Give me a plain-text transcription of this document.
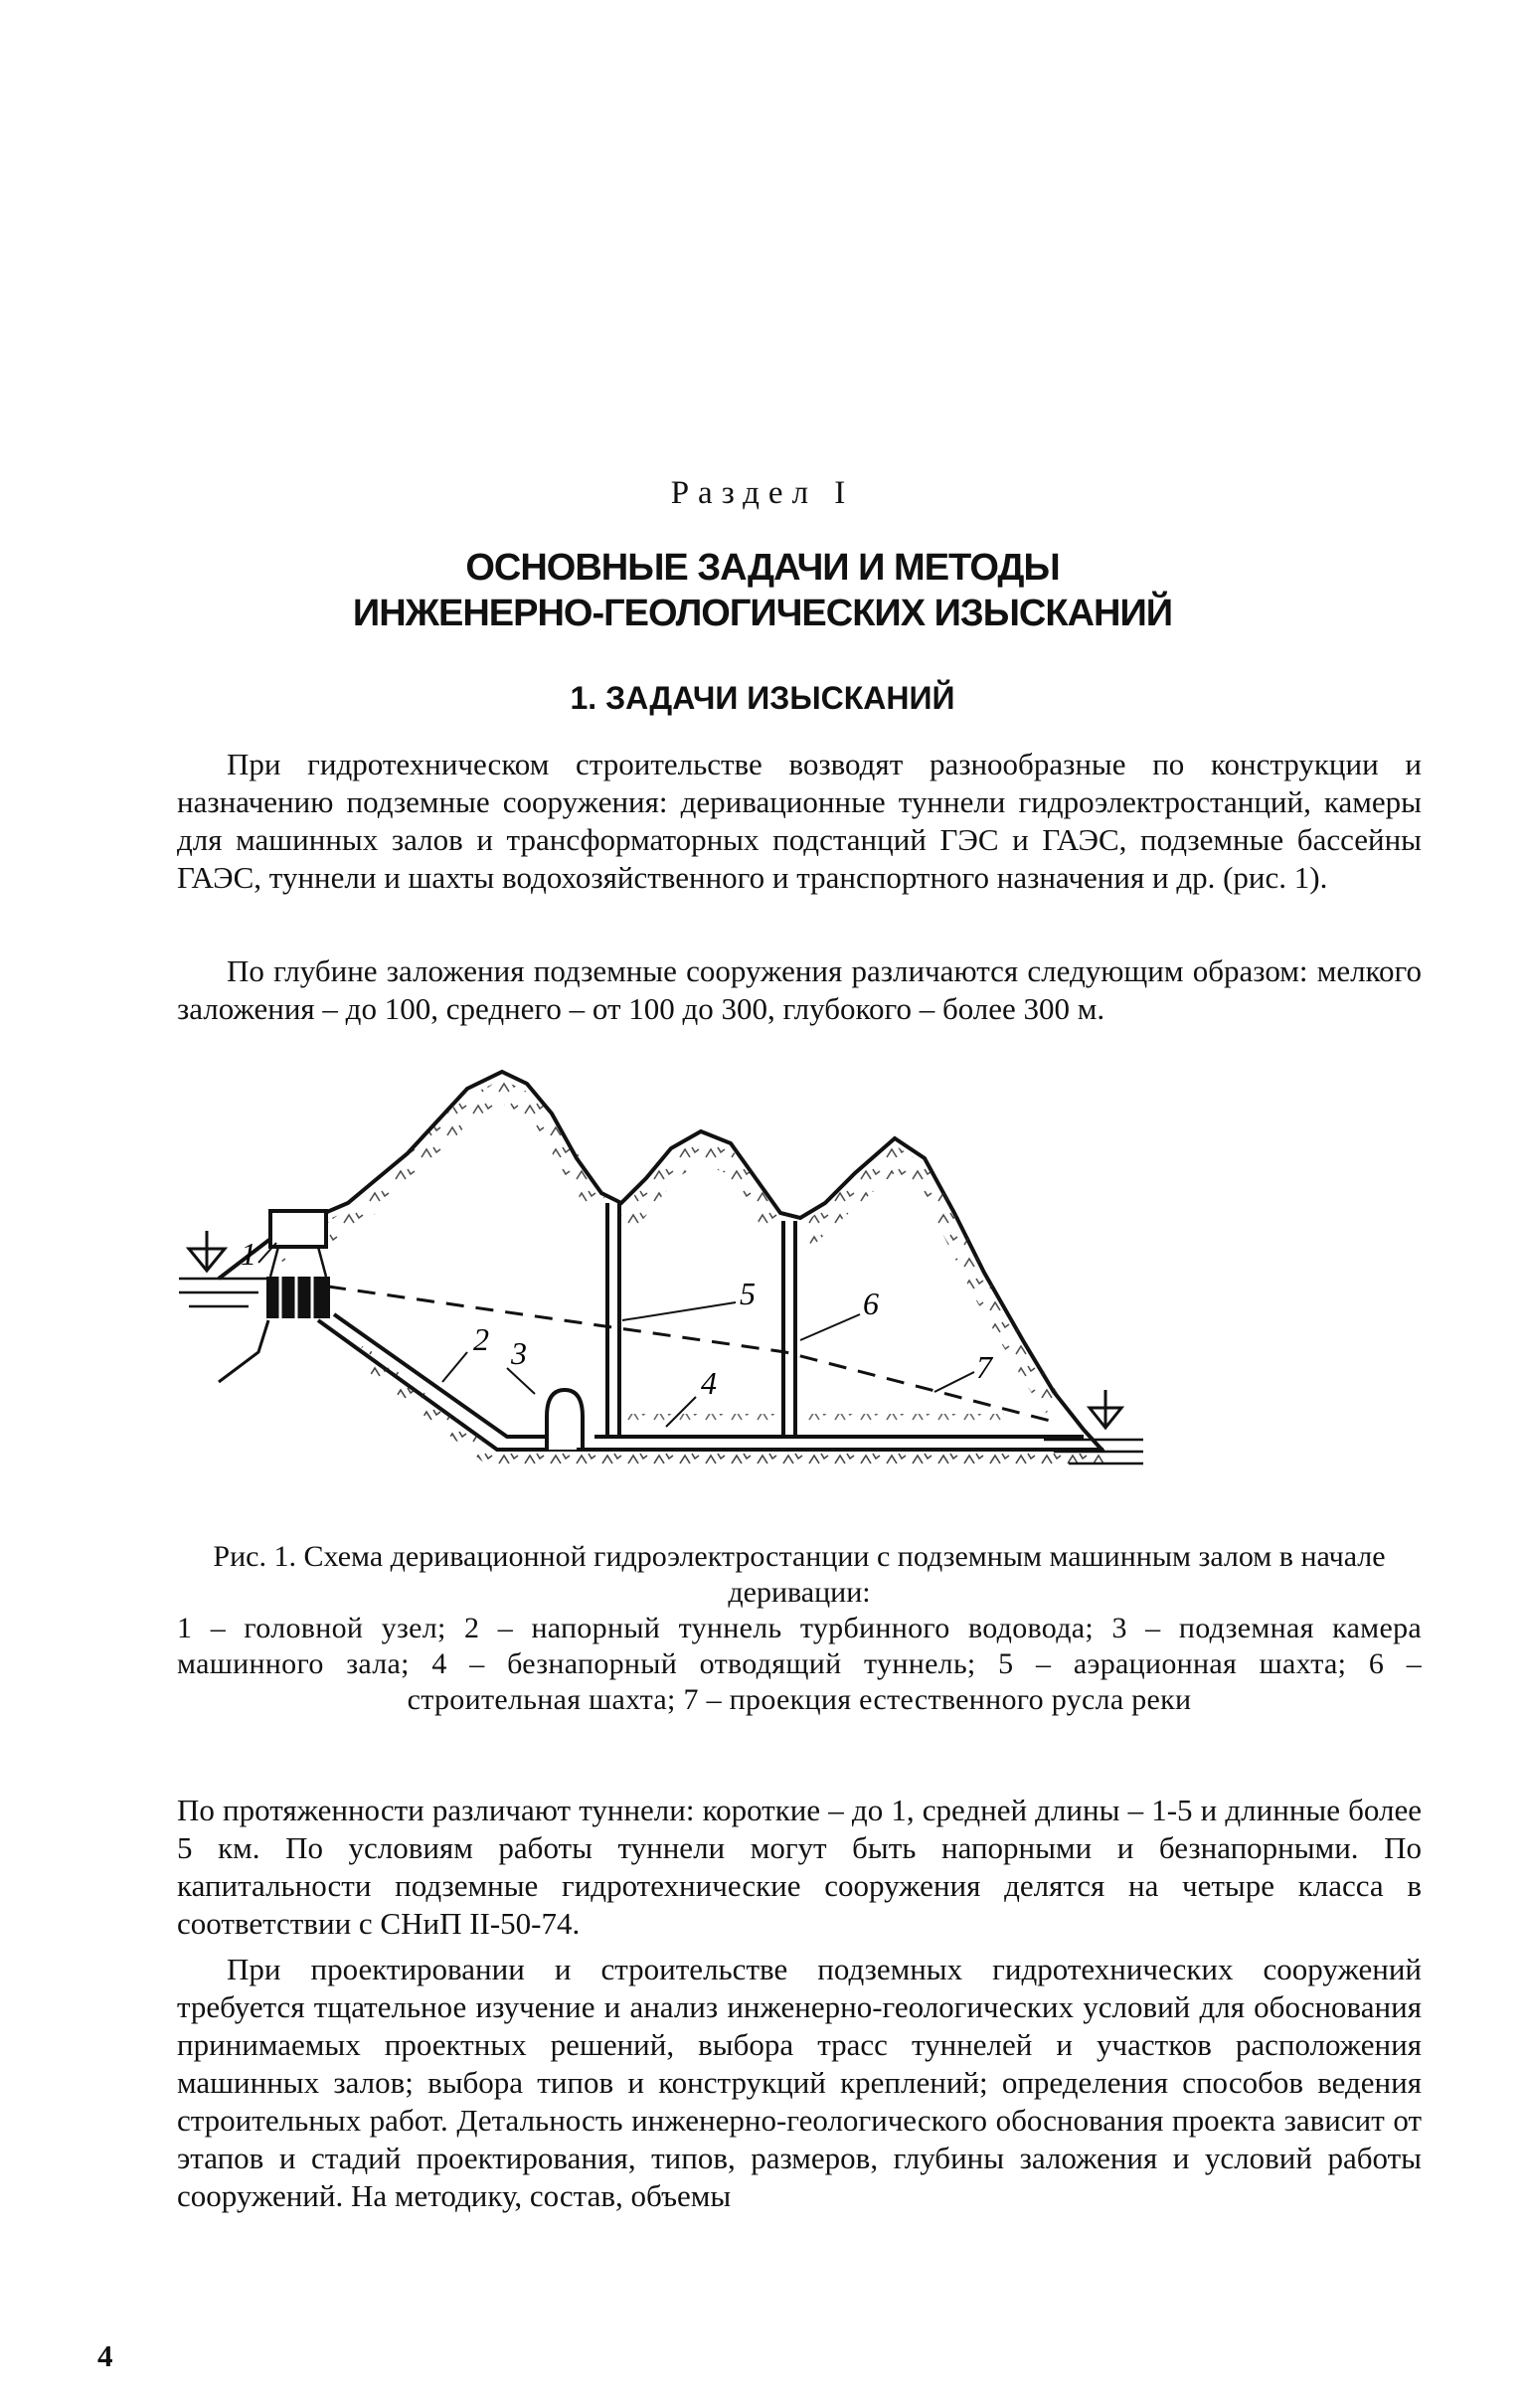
Раздел I
ОСНОВНЫЕ ЗАДАЧИ И МЕТОДЫ
ИНЖЕНЕРНО-ГЕОЛОГИЧЕСКИХ ИЗЫСКАНИЙ
1. ЗАДАЧИ ИЗЫСКАНИЙ

При гидротехническом строительстве возводят разнообразные по конструкции и назначению подземные сооружения: деривационные туннели гидроэлектростанций, камеры для машинных залов и трансформаторных подстанций ГЭС и ГАЭС, подземные бассейны ГАЭС, туннели и шахты водохозяйственного и транспортного назначения и др. (рис. 1).

По глубине заложения подземные сооружения различаются следующим образом: мелкого заложения – до 100, среднего – от 100 до 300, глубокого – более 300 м.

1
2 3
4
5	6
7
Рис. 1. Схема деривационной гидроэлектростанции с подземным машинным залом в начале деривации:
1 – головной узел; 2 – напорный туннель турбинного водовода; 3 – подземная камера машинного зала; 4 – безнапорный отводящий туннель; 5 – аэрационная шахта; 6 – строительная шахта; 7 – проекция естественного русла реки

По протяженности различают туннели: короткие – до 1, средней длины – 1-5 и длинные более 5 км. По условиям работы туннели могут быть напорными и безнапорными. По капитальности подземные гидротехнические сооружения делятся на четыре класса в соответствии с СНиП II-50-74.

При проектировании и строительстве подземных гидротехнических сооружений требуется тщательное изучение и анализ инженерно-геологических условий для обоснования принимаемых проектных решений, выбора трасс туннелей и участков расположения машинных залов; выбора типов и конструкций креплений; определения способов ведения строительных работ. Детальность инженерно-геологического обоснования проекта зависит от этапов и стадий проектирования, типов, размеров, глубины заложения и условий работы сооружений. На методику, состав, объемы

4
